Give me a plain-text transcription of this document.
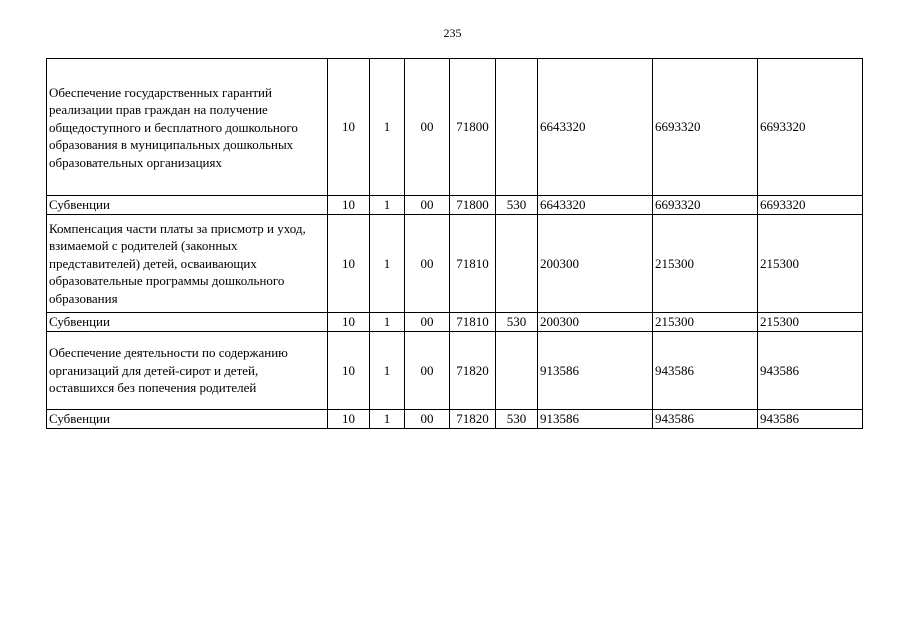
235
Обеспечение государственных гарантий реализации прав граждан на получение общедоступного и бесплатного дошкольного образования в муниципальных дошкольных образовательных организациях	10	1	00	71800		6643320	6693320	6693320
Субвенции	10	1	00	71800	530	6643320	6693320	6693320
Компенсация части платы за присмотр и уход, взимаемой с родителей (законных представителей) детей, осваивающих образовательные программы дошкольного образования	10	1	00	71810		200300	215300	215300
Субвенции	10	1	00	71810	530	200300	215300	215300
Обеспечение деятельности по содержанию организаций для детей-сирот и детей, оставшихся без попечения родителей	10	1	00	71820		913586	943586	943586
Субвенции	10	1	00	71820	530	913586	943586	943586
